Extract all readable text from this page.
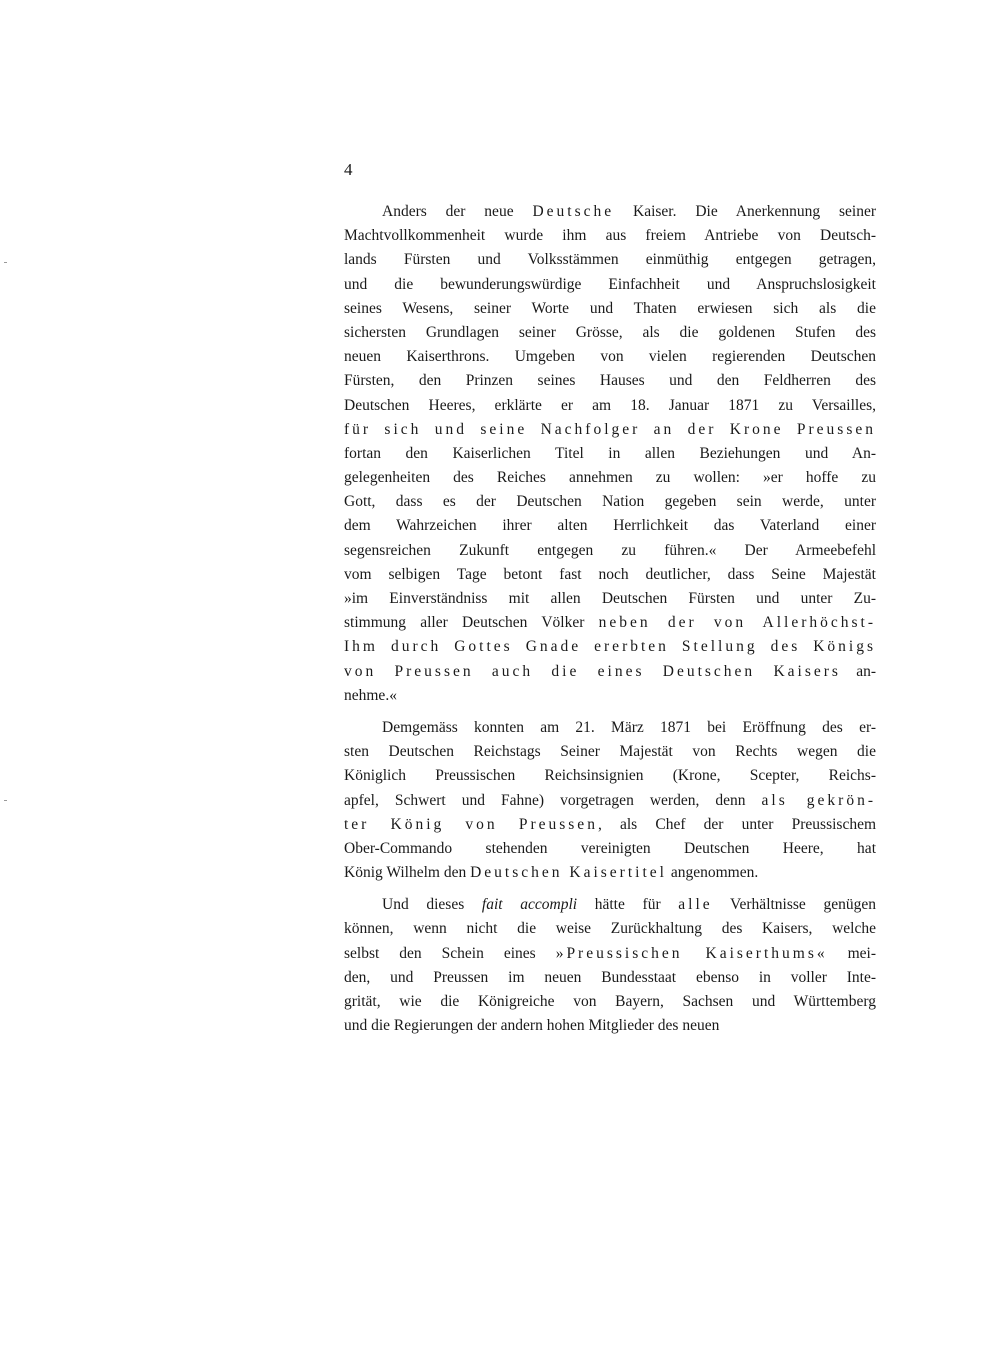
4
Anders der neue Deutsche Kaiser. Die Anerkennung seiner
Machtvollkommenheit wurde ihm aus freiem Antriebe von Deutsch-
lands Fürsten und Volksstämmen einmüthig entgegen getragen,
und die bewunderungswürdige Einfachheit und Anspruchslosigkeit
seines Wesens, seiner Worte und Thaten erwiesen sich als die
sichersten Grundlagen seiner Grösse, als die goldenen Stufen des
neuen Kaiserthrons. Umgeben von vielen regierenden Deutschen
Fürsten, den Prinzen seines Hauses und den Feldherren des
Deutschen Heeres, erklärte er am 18. Januar 1871 zu Versailles,
für sich und seine Nachfolger an der Krone Preussen
fortan den Kaiserlichen Titel in allen Beziehungen und An-
gelegenheiten des Reiches annehmen zu wollen: »er hoffe zu
Gott, dass es der Deutschen Nation gegeben sein werde, unter
dem Wahrzeichen ihrer alten Herrlichkeit das Vaterland einer
segensreichen Zukunft entgegen zu führen.« Der Armeebefehl
vom selbigen Tage betont fast noch deutlicher, dass Seine Majestät
»im Einverständniss mit allen Deutschen Fürsten und unter Zu-
stimmung aller Deutschen Völker neben der von Allerhöchst-
Ihm durch Gottes Gnade ererbten Stellung des Königs
von Preussen auch die eines Deutschen Kaisers an-
nehme.«
Demgemäss konnten am 21. März 1871 bei Eröffnung des er-
sten Deutschen Reichstags Seiner Majestät von Rechts wegen die
Königlich Preussischen Reichsinsignien (Krone, Scepter, Reichs-
apfel, Schwert und Fahne) vorgetragen werden, denn als gekrön-
ter König von Preussen, als Chef der unter Preussischem
Ober-Commando stehenden vereinigten Deutschen Heere, hat
König Wilhelm den Deutschen Kaisertitel angenommen.
Und dieses fait accompli hätte für alle Verhältnisse genügen
können, wenn nicht die weise Zurückhaltung des Kaisers, welche
selbst den Schein eines »Preussischen Kaiserthums« mei-
den, und Preussen im neuen Bundesstaat ebenso in voller Inte-
grität, wie die Königreiche von Bayern, Sachsen und Württemberg
und die Regierungen der andern hohen Mitglieder des neuen
